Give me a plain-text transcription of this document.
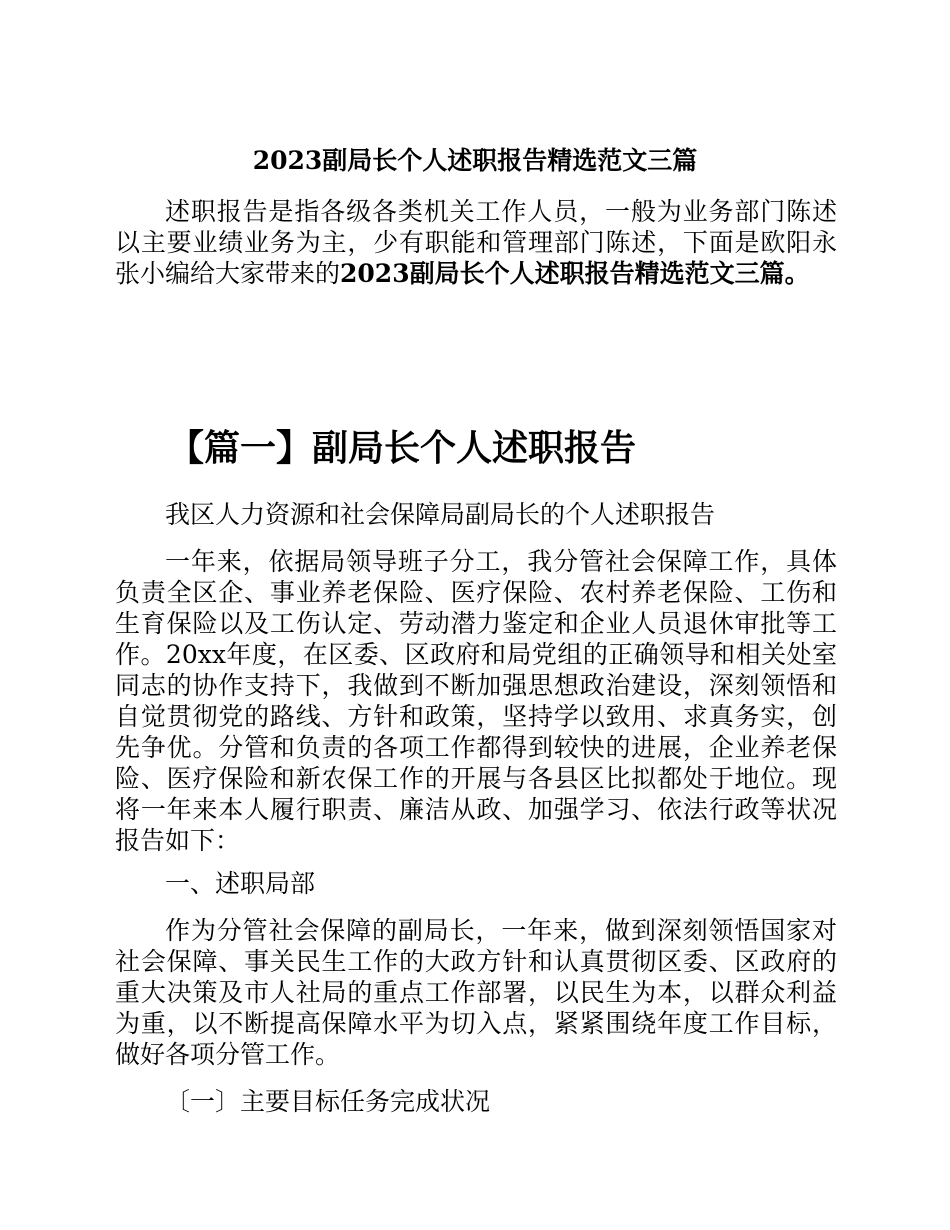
2023副局长个人述职报告精选范文三篇

述职报告是指各级各类机关工作人员，一般为业务部门陈述以主要业绩业务为主，少有职能和管理部门陈述，下面是欧阳永张小编给大家带来的2023副局长个人述职报告精选范文三篇。

【篇一】副局长个人述职报告

我区人力资源和社会保障局副局长的个人述职报告

一年来，依据局领导班子分工，我分管社会保障工作，具体负责全区企、事业养老保险、医疗保险、农村养老保险、工伤和生育保险以及工伤认定、劳动潜力鉴定和企业人员退休审批等工作。20xx年度，在区委、区政府和局党组的正确领导和相关处室同志的协作支持下，我做到不断加强思想政治建设，深刻领悟和自觉贯彻党的路线、方针和政策，坚持学以致用、求真务实，创先争优。分管和负责的各项工作都得到较快的进展，企业养老保险、医疗保险和新农保工作的开展与各县区比拟都处于地位。现将一年来本人履行职责、廉洁从政、加强学习、依法行政等状况报告如下：

一、述职局部

作为分管社会保障的副局长，一年来，做到深刻领悟国家对社会保障、事关民生工作的大政方针和认真贯彻区委、区政府的重大决策及市人社局的重点工作部署，以民生为本，以群众利益为重，以不断提高保障水平为切入点，紧紧围绕年度工作目标，做好各项分管工作。

〔一〕主要目标任务完成状况
